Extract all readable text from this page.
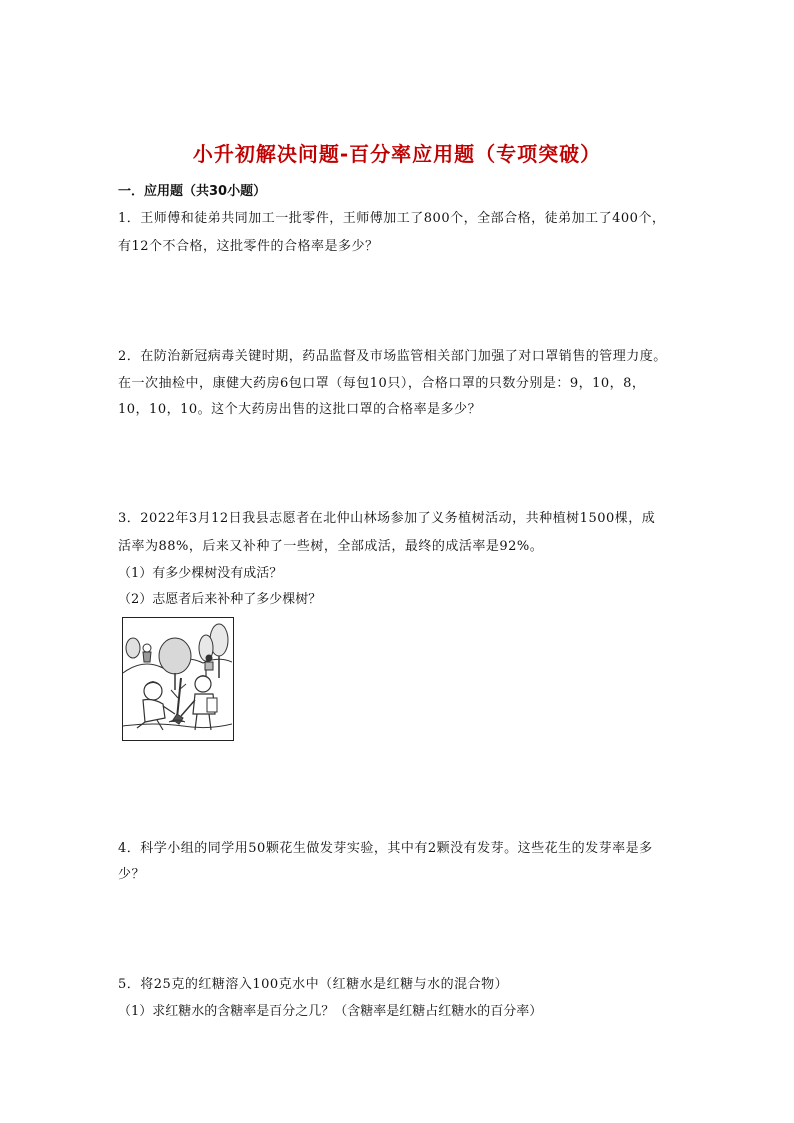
小升初解决问题-百分率应用题（专项突破）
一．应用题（共30小题）
1．王师傅和徒弟共同加工一批零件，王师傅加工了800个，全部合格，徒弟加工了400个，
有12个不合格，这批零件的合格率是多少？
2．在防治新冠病毒关键时期，药品监督及市场监管相关部门加强了对口罩销售的管理力度。
在一次抽检中，康健大药房6包口罩（每包10只），合格口罩的只数分别是：9，10，8，
10，10，10。这个大药房出售的这批口罩的合格率是多少？
3．2022年3月12日我县志愿者在北仲山林场参加了义务植树活动，共种植树1500棵，成
活率为88%，后来又补种了一些树，全部成活，最终的成活率是92%。
（1）有多少棵树没有成活？
（2）志愿者后来补种了多少棵树？
4．科学小组的同学用50颗花生做发芽实验，其中有2颗没有发芽。这些花生的发芽率是多
少？
5．将25克的红糖溶入100克水中（红糖水是红糖与水的混合物）
（1）求红糖水的含糖率是百分之几？（含糖率是红糖占红糖水的百分率）
